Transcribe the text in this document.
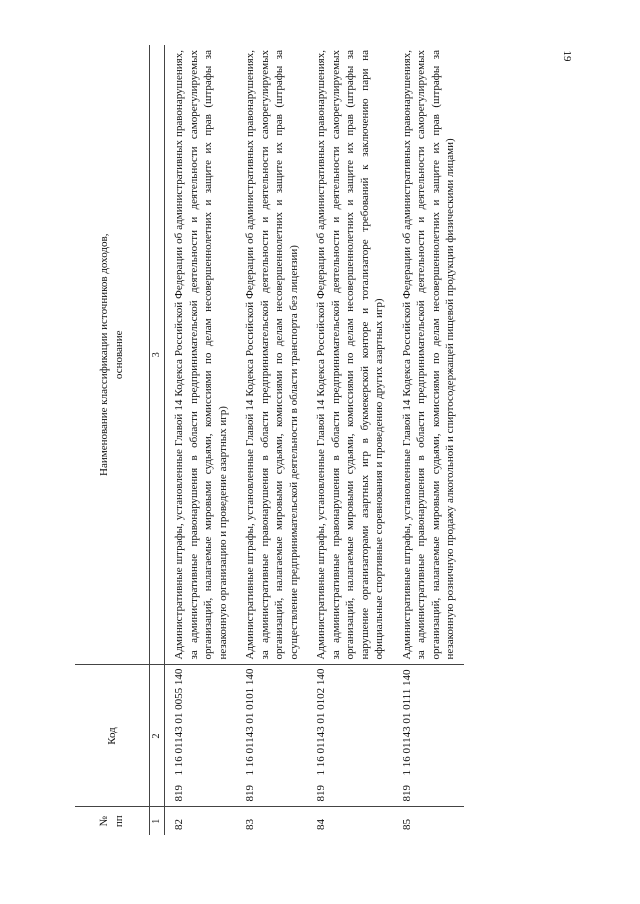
19
№
пп	Код	Наименование классификации источников доходов,
основание
1	2	3
82	8191 16 01143 01 0055 140	Административные штрафы, установленные Главой 14 Кодекса Российской Федерации об административных правонарушениях, за административные правонарушения в области предпринимательской деятельности и деятельности саморегулируемых организаций, налагаемые мировыми судьями, комиссиями по делам несовершеннолетних и защите их прав (штрафы за незаконную организацию и проведение азартных игр)
83	8191 16 01143 01 0101 140	Административные штрафы, установленные Главой 14 Кодекса Российской Федерации об административных правонарушениях, за административные правонарушения в области предпринимательской деятельности и деятельности саморегулируемых организаций, налагаемые мировыми судьями, комиссиями по делам несовершеннолетних и защите их прав (штрафы за осуществление предпринимательской деятельности в области транспорта без лицензии)
84	8191 16 01143 01 0102 140	Административные штрафы, установленные Главой 14 Кодекса Российской Федерации об административных правонарушениях, за административные правонарушения в области предпринимательской деятельности и деятельности саморегулируемых организаций, налагаемые мировыми судьями, комиссиями по делам несовершеннолетних и защите их прав (штрафы за нарушение организаторами азартных игр в букмекерской конторе и тотализаторе требований к заключению пари на официальные спортивные соревнования и проведению других азартных игр)
85	8191 16 01143 01 0111 140	Административные штрафы, установленные Главой 14 Кодекса Российской Федерации об административных правонарушениях, за административные правонарушения в области предпринимательской деятельности и деятельности саморегулируемых организаций, налагаемые мировыми судьями, комиссиями по делам несовершеннолетних и защите их прав (штрафы за незаконную розничную продажу алкогольной и спиртосодержащей пищевой продукции физическими лицами)
